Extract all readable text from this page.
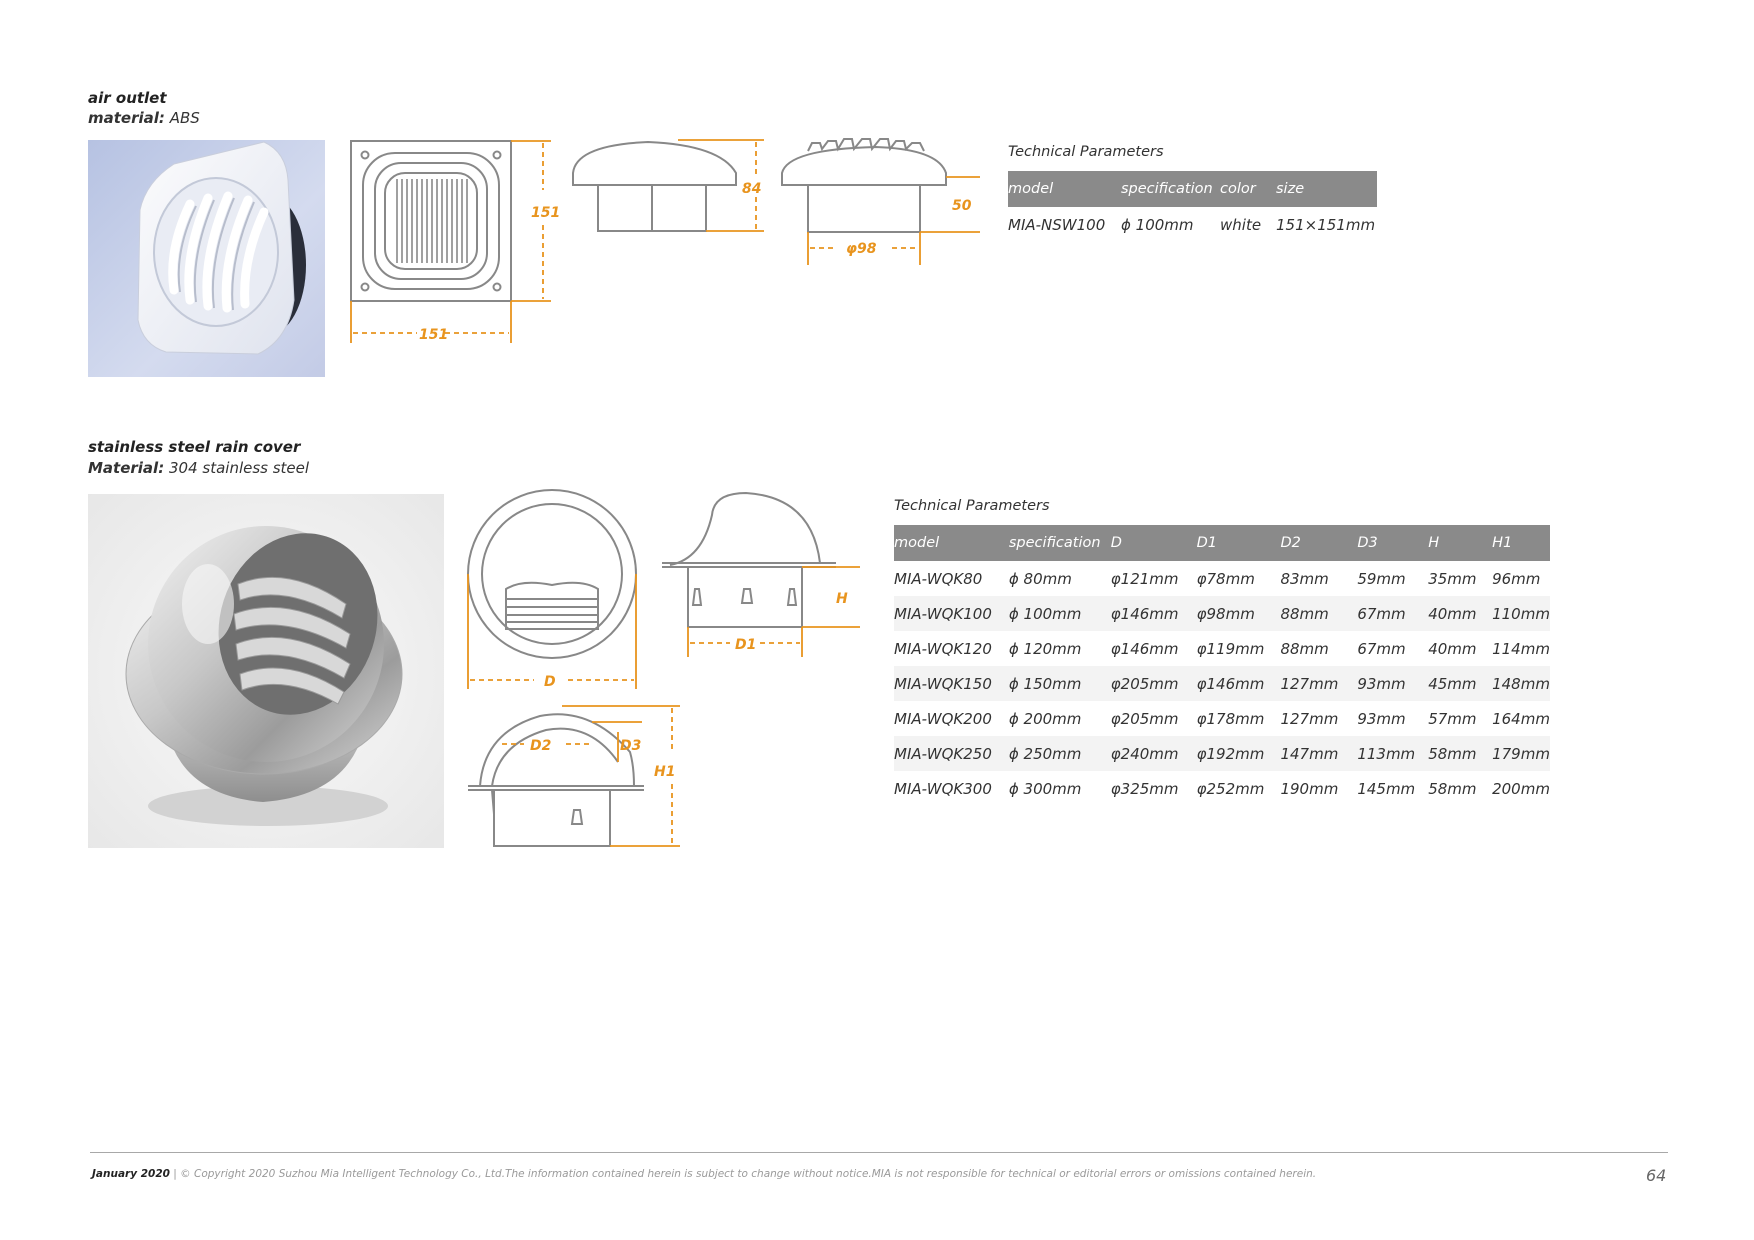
air outlet
material: ABS
151
151
84
50
φ98
Technical Parameters
model	specification	color	size
MIA-NSW100	ϕ 100mm	white	151×151mm
stainless steel rain cover
Material: 304 stainless steel
D
H
D1
D2	D3
H1
Technical Parameters
model	specification	D	D1	D2	D3	H	H1
MIA-WQK80	ϕ 80mm	φ121mm	φ78mm	83mm	59mm	35mm	96mm
MIA-WQK100	ϕ 100mm	φ146mm	φ98mm	88mm	67mm	40mm	110mm
MIA-WQK120	ϕ 120mm	φ146mm	φ119mm	88mm	67mm	40mm	114mm
MIA-WQK150	ϕ 150mm	φ205mm	φ146mm	127mm	93mm	45mm	148mm
MIA-WQK200	ϕ 200mm	φ205mm	φ178mm	127mm	93mm	57mm	164mm
MIA-WQK250	ϕ 250mm	φ240mm	φ192mm	147mm	113mm	58mm	179mm
MIA-WQK300	ϕ 300mm	φ325mm	φ252mm	190mm	145mm	58mm	200mm
January 2020 | © Copyright 2020 Suzhou Mia Intelligent Technology Co., Ltd.The information contained herein is subject to change without notice.MIA is not responsible for technical or editorial errors or omissions contained herein.	64
